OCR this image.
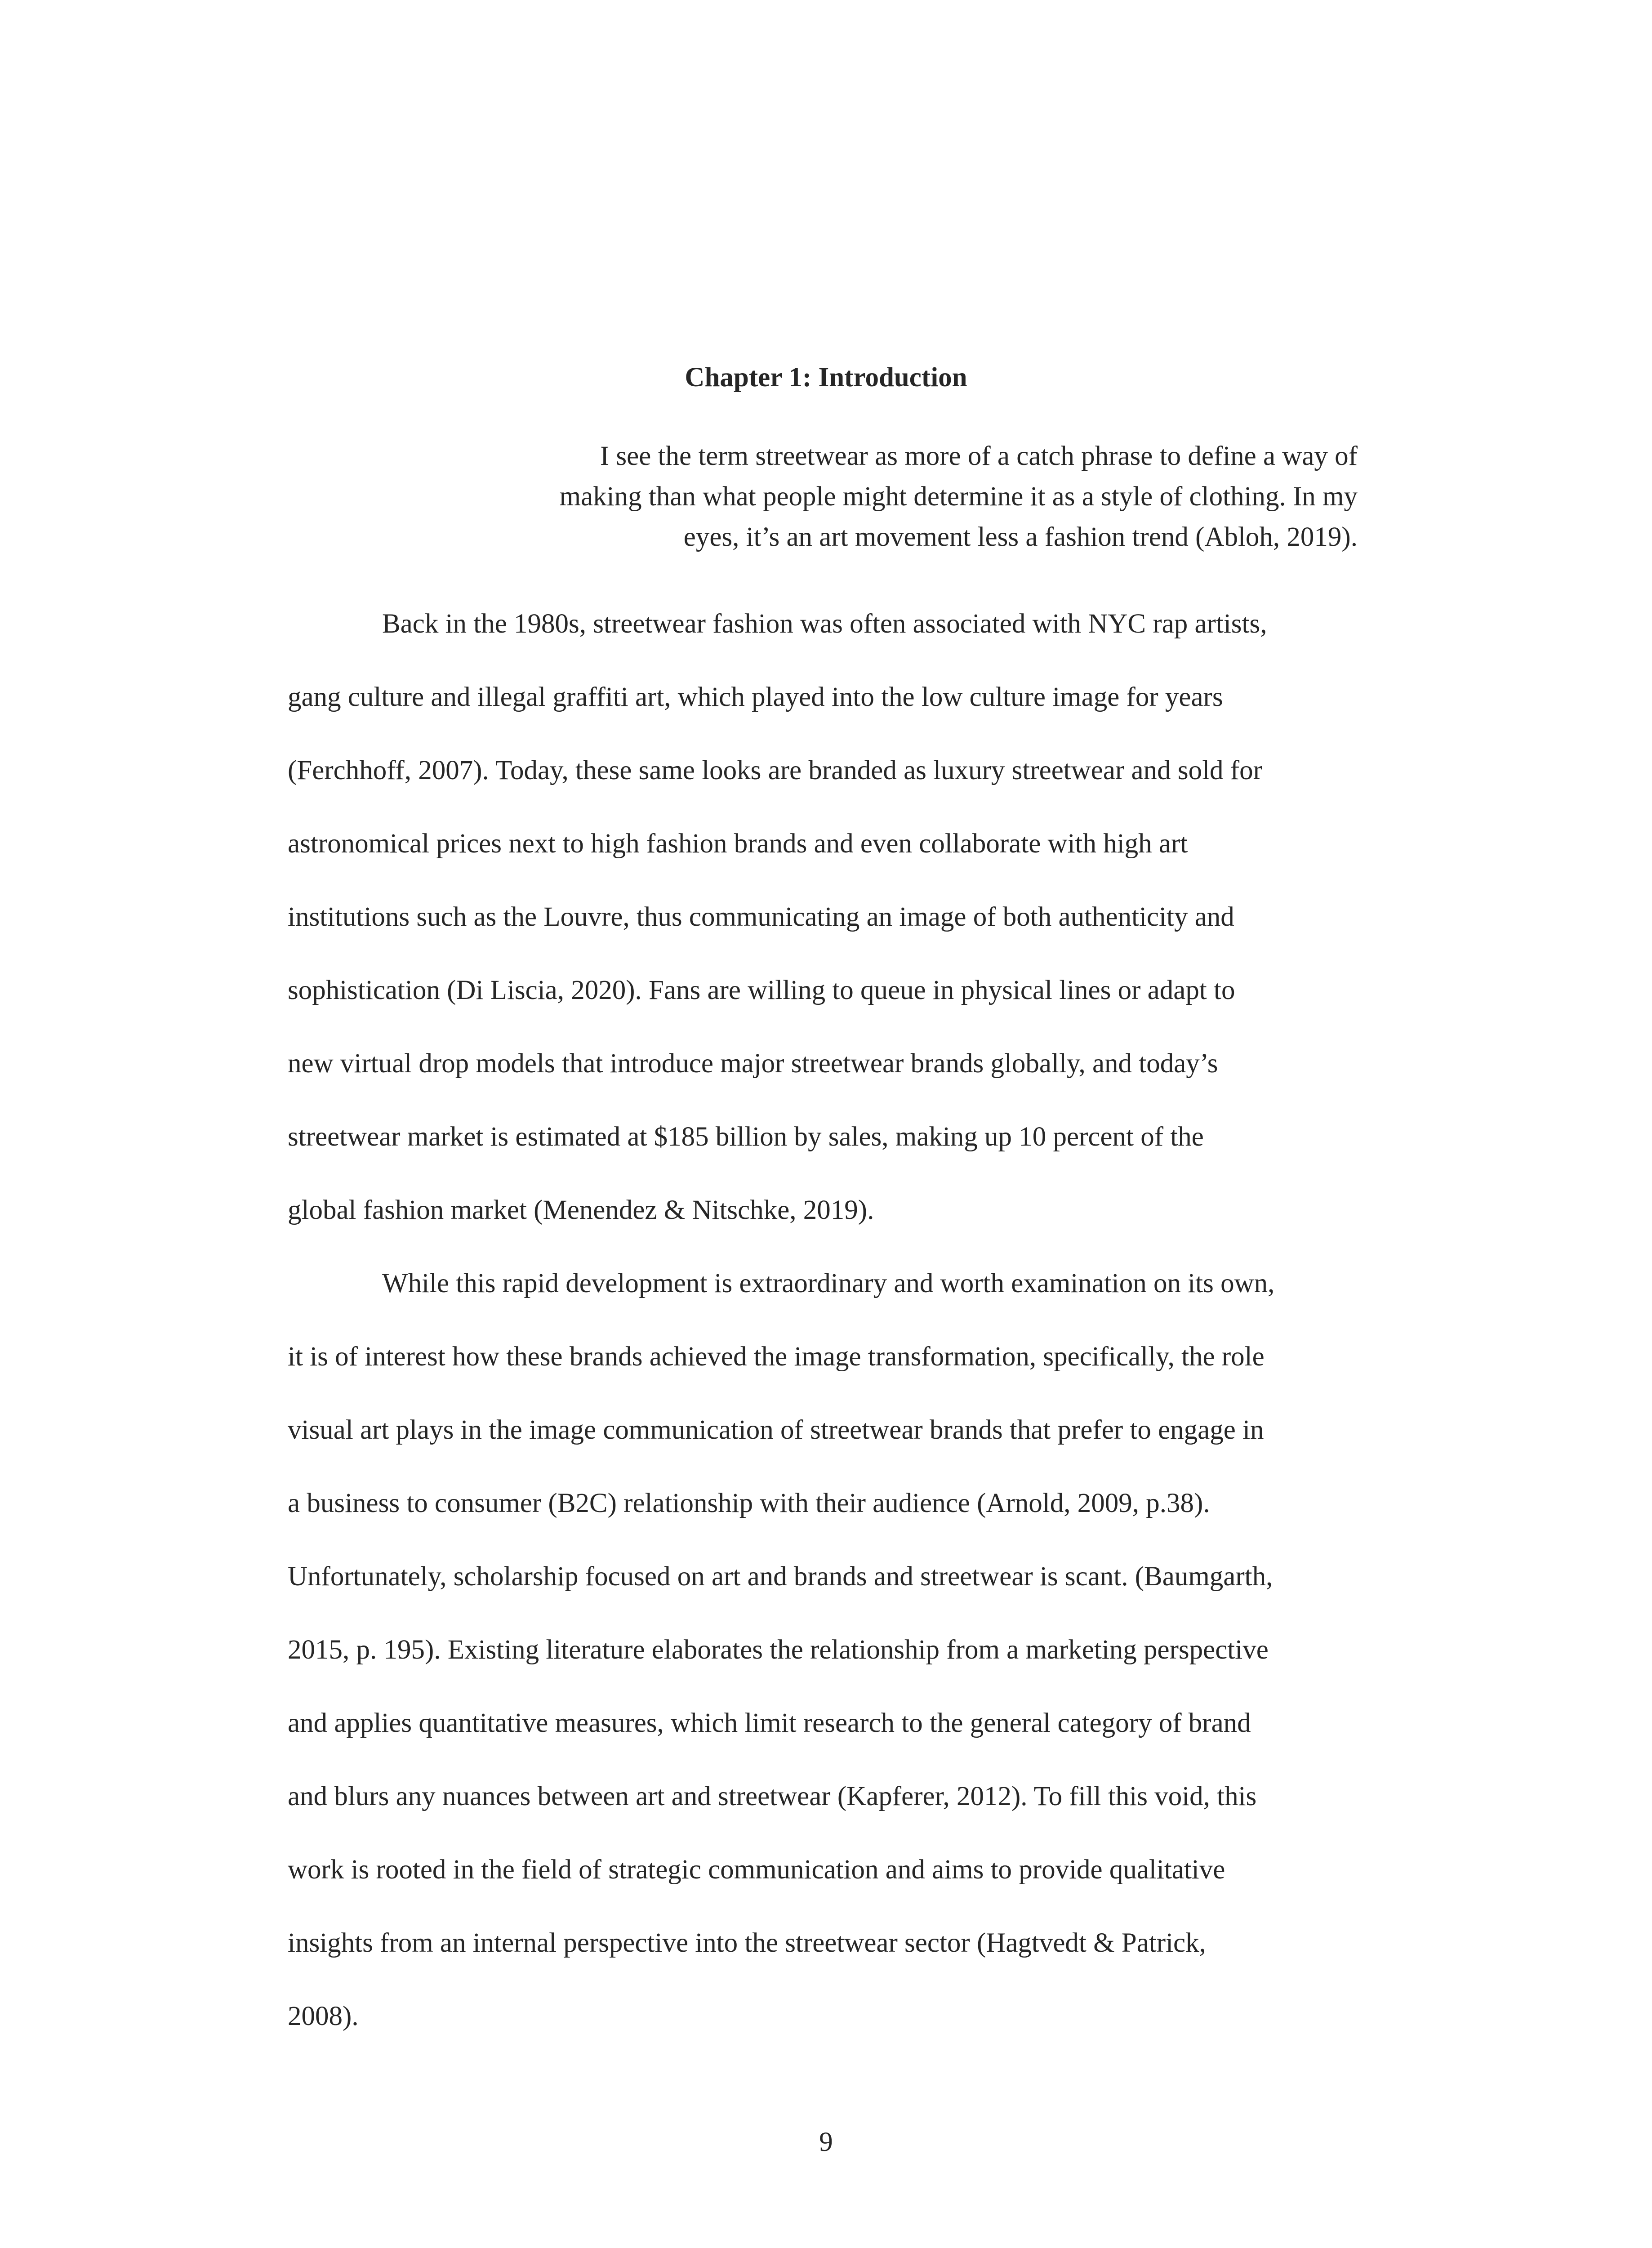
Chapter 1: Introduction
I see the term streetwear as more of a catch phrase to define a way of
making than what people might determine it as a style of clothing. In my
eyes, it’s an art movement less a fashion trend (Abloh, 2019).

Back in the 1980s, streetwear fashion was often associated with NYC rap artists,
gang culture and illegal graffiti art, which played into the low culture image for years
(Ferchhoff, 2007). Today, these same looks are branded as luxury streetwear and sold for
astronomical prices next to high fashion brands and even collaborate with high art
institutions such as the Louvre, thus communicating an image of both authenticity and
sophistication (Di Liscia, 2020). Fans are willing to queue in physical lines or adapt to
new virtual drop models that introduce major streetwear brands globally, and today’s
streetwear market is estimated at $185 billion by sales, making up 10 percent of the
global fashion market (Menendez & Nitschke, 2019).

While this rapid development is extraordinary and worth examination on its own,
it is of interest how these brands achieved the image transformation, specifically, the role
visual art plays in the image communication of streetwear brands that prefer to engage in
a business to consumer (B2C) relationship with their audience (Arnold, 2009, p.38).
Unfortunately, scholarship focused on art and brands and streetwear is scant. (Baumgarth,
2015, p. 195). Existing literature elaborates the relationship from a marketing perspective
and applies quantitative measures, which limit research to the general category of brand
and blurs any nuances between art and streetwear (Kapferer, 2012). To fill this void, this
work is rooted in the field of strategic communication and aims to provide qualitative
insights from an internal perspective into the streetwear sector (Hagtvedt & Patrick,
2008).

9
